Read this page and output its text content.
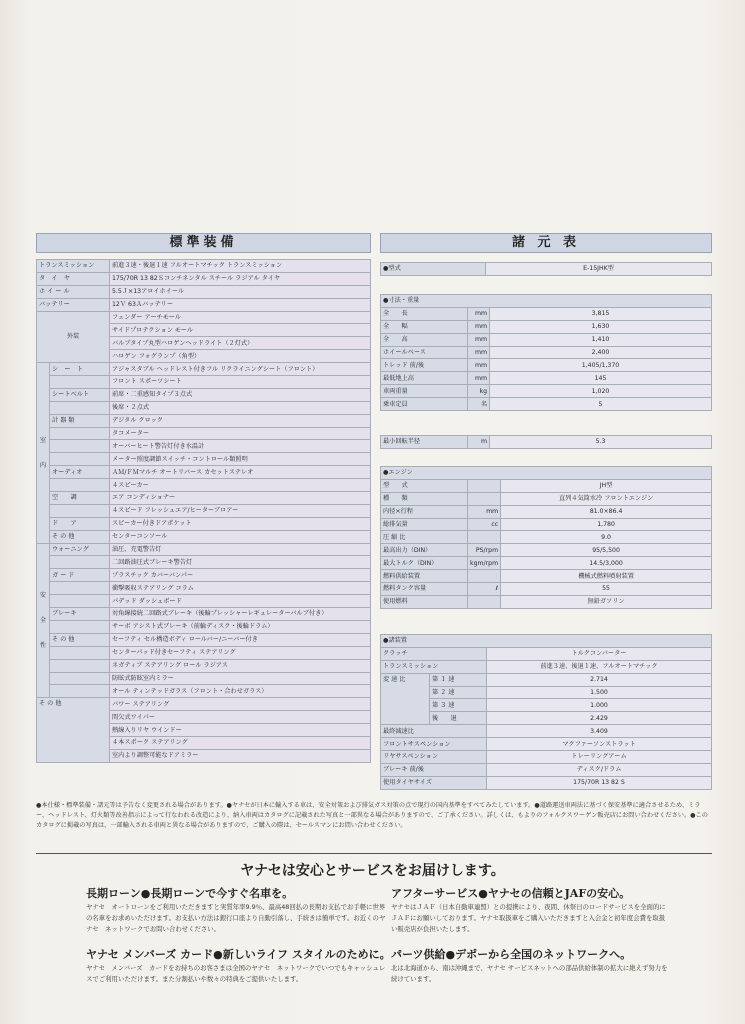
標準装備	諸 元 表
トランスミッション		前進３速・後退１速 フルオートマチック トランスミッション
タ　イ　ヤ		175/70R 13 82Ｓコンチネンタル スチール ラジアル タイヤ
ホ イ ー ル		5.5Ｊ×13アロイホイール
バッテリー		12Ｖ 63Ａバッテリー
外装		フェンダー アーチモール
		サイドプロテクション モール
		バルブタイプ丸型ハロゲンヘッドライト（２灯式）
		ハロゲン フォグランプ（角型）

室
内	シ　ー　ト	アジャスタブル ヘッドレスト付きフル リクライニングシート（フロント）
		フロント スポーツシート
	シートベルト	前席・二重感知タイプ３点式
		後席・２点式
	計 器 類	デジタル クロック
		タコメーター
		オーバーヒート警告灯付き水温計
		メーター照度調節スイッチ・コントロール類照明
	オーディオ	ＡＭ/ＦＭマルチ オートリバース カセットステレオ
		４スピーカー
	空　　調	エア コンディショナー
		４スピード フレッシュエア/ヒーターブロアー
	ド　　ア	スピーカー付きドアポケット
	そ の 他	センターコンソール

安
全
性	ウォーニング	油圧、充電警告灯
		二回路油圧式ブレーキ警告灯
	ガ ー ド	プラスチック カバーバンパー
		衝撃吸収ステアリング コラム
		パデッド ダッシュボード
	ブレーキ	対角線接続二回路式ブレーキ（後輪プレッシャーレギュレーターバルブ付き）
		サーボ アシスト式ブレーキ（前輪ディスク・後輪ドラム）
	そ の 他	セーフティ セル構造ボディ ロールバー/ニーバー付き
		センターパッド付きセーフティ ステアリング
		ネガティブ ステアリング ロール ラジアス
		防眩式防眩室内ミラー
		オール ティンテッドガラス（フロント・合わせガラス）
そ の 他		パワー ステアリング
		間欠式ワイパー
		熱線入りリヤ ウインドー
		４本スポーク ステアリング
		室内より調整可能なドアミラー
●型式	E-15JHK型
●寸法・重量		
全　　長	mm	3,815
全　　幅	mm	1,630
全　　高	mm	1,410
ホイールベース	mm	2,400
トレッド 前/後	mm	1,405/1,370
最低地上高	mm	145
車両重量	kg	1,020
乗車定員	名	5
最小回転半径	m	5.3
●エンジン		
型　　式		JH型
種　　類		直列４気筒水冷 フロントエンジン
内径×行程	mm	81.0×86.4
総排気量	cc	1,780
圧 縮 比		9.0
最高出力（DIN）	PS/rpm	95/5,500
最大トルク（DIN）	kgm/rpm	14.5/3,000
燃料供給装置		機械式燃料噴射装置
燃料タンク容量	ℓ	55
使用燃料		無鉛ガソリン
●諸装置		
クラッチ		トルクコンバーター
トランスミッション		前進３速、後退１速、フルオートマチック
変 速 比	第 １ 速	2.714
	第 ２ 速	1.500
	第 ３ 速	1.000
	後　　退	2.429
最終減速比		3.409
フロントサスペンション		マクファーソンストラット
リヤサスペンション		トレーリングアーム
ブレーキ 前/後		ディスク/ドラム
使用タイヤサイズ		175/70R 13 82 S
●本仕様・標準装備・諸元等は予告なく変更される場合があります。●ヤナセが日本に輸入する車は、安全対策および排気ガス対策の点で現行の国内基準をすべてみたしています。●道路運送車両法に基づく保安基準に適合させるため、ミラー、ヘッドレスト、灯火類等改善指示によって行なわれる改造により、納入車両はカタログに記載された写真と一部異なる場合がありますので、ご了承ください。詳しくは、もよりのフォルクスワーゲン販売店にお問い合わせください。●このカタログに掲載の写真は、一部輸入される車両と異なる場合がありますので、ご購入の際は、セールスマンにお問い合わせください。
ヤナセは安心とサービスをお届けします。
長期ローン●長期ローンで今すぐ名車を。
ヤナセ　オートローンをご利用いただきますと実質年率9.9％、最高48回払の長期お支払でお手軽に世界の名車をお求めいただけます。お支払い方法は銀行口座より自動引落し、手続きは簡単です。お近くのヤナセ　ネットワークでお問い合わせください。
ヤナセ メンバーズ カード●新しいライフ スタイルのために。
ヤナセ　メンバーズ　カードをお持ちのお客さまは全国のヤナセ　ネットワークでいつでもキャッシュレスでご利用いただけます。また分割払いや数々の特典をご提供いたします。
アフターサービス●ヤナセの信頼とJAFの安心。
ヤナセはＪＡＦ（日本自動車連盟）との提携により、夜間、休祭日のロードサービスを全面的にＪＡＦにお願いしております。ヤナセ取扱車をご購入いただきますと入会金と初年度会費を取扱い販売店が負担いたします。
パーツ供給●デポーから全国のネットワークへ。
北は北海道から、南は沖縄まで、ヤナセ サービスネットへの部品供給体制の拡大に絶えず努力を続けています。
